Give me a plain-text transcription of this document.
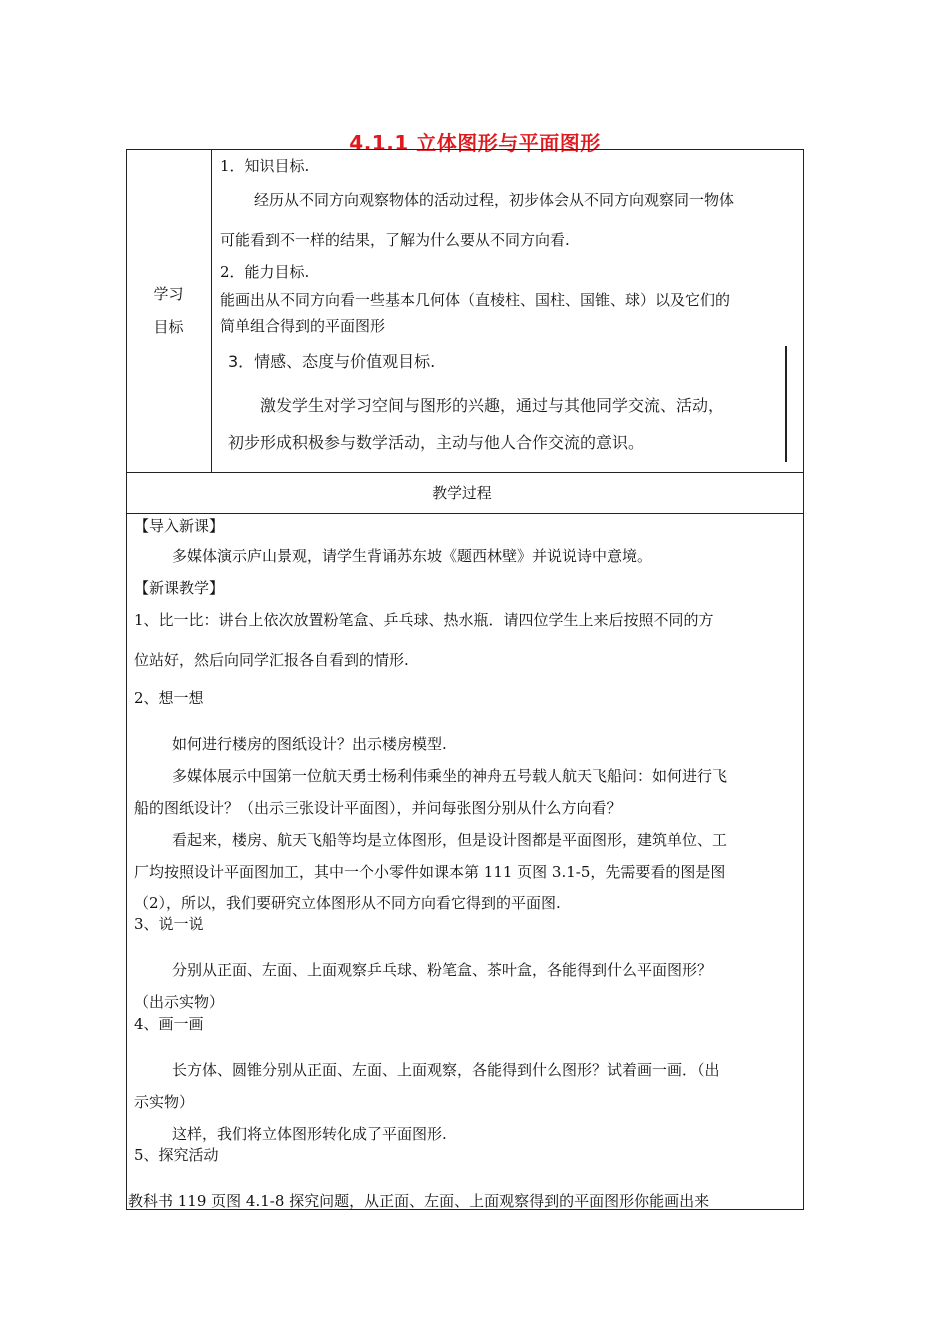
4.1.1 立体图形与平面图形
学习
目标
1．知识目标.
经历从不同方向观察物体的活动过程，初步体会从不同方向观察同一物体
可能看到不一样的结果，了解为什么要从不同方向看.
2．能力目标.
能画出从不同方向看一些基本几何体（直棱柱、国柱、国锥、球）以及它们的
简单组合得到的平面图形
3．情感、态度与价值观目标.
激发学生对学习空间与图形的兴趣，通过与其他同学交流、活动，
初步形成积极参与数学活动，主动与他人合作交流的意识。
教学过程
【导入新课】
多媒体演示庐山景观，请学生背诵苏东坡《题西林壁》并说说诗中意境。
【新课教学】
1、比一比：讲台上依次放置粉笔盒、乒乓球、热水瓶．请四位学生上来后按照不同的方
位站好，然后向同学汇报各自看到的情形.
2、想一想
如何进行楼房的图纸设计？出示楼房模型.
多媒体展示中国第一位航天勇士杨利伟乘坐的神舟五号载人航天飞船问：如何进行飞
船的图纸设计？（出示三张设计平面图），并问每张图分别从什么方向看？
看起来，楼房、航天飞船等均是立体图形，但是设计图都是平面图形，建筑单位、工
厂均按照设计平面图加工，其中一个小零件如课本第 111 页图 3.1-5，先需要看的图是图
（2），所以，我们要研究立体图形从不同方向看它得到的平面图.
3、说一说
分别从正面、左面、上面观察乒乓球、粉笔盒、茶叶盒，各能得到什么平面图形？
（出示实物）
4、画一画
长方体、圆锥分别从正面、左面、上面观察，各能得到什么图形？试着画一画．（出
示实物）
这样，我们将立体图形转化成了平面图形.
5、探究活动
教科书 119 页图 4.1-8 探究问题，从正面、左面、上面观察得到的平面图形你能画出来
